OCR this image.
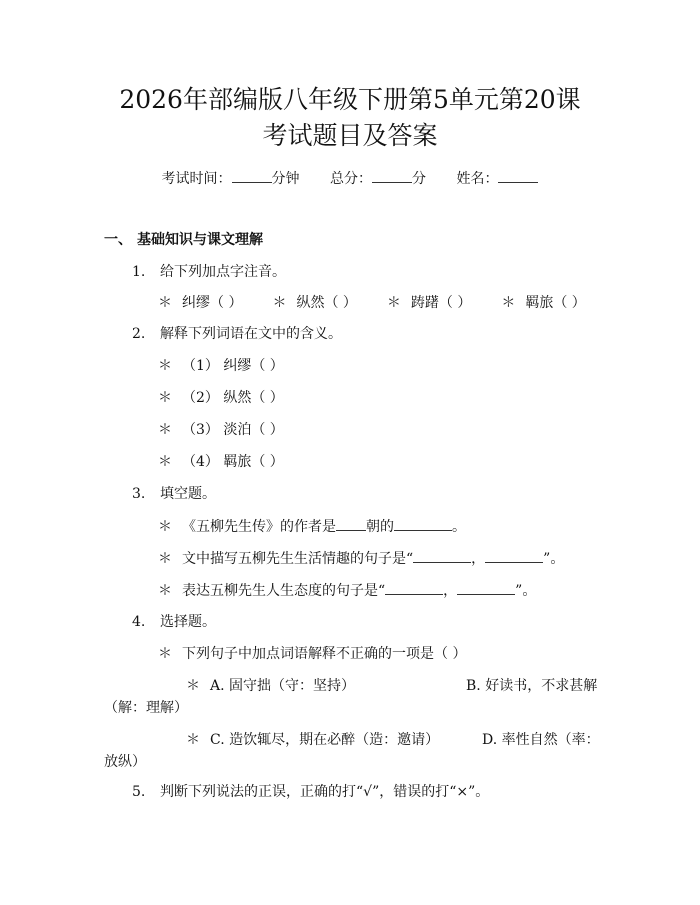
2026年部编版八年级下册第5单元第20课
考试题目及答案
考试时间：	分钟 总分：	分 姓名：
一、 基础知识与课文理解
1. 给下列加点字注音。
＊ 纠缪（ ） ＊ 纵然（ ） ＊ 踌躇（ ） ＊ 羁旅（ ）
2. 解释下列词语在文中的含义。
＊ （1） 纠缪（ ）
＊ （2） 纵然（ ）
＊ （3） 淡泊（ ）
＊ （4） 羁旅（ ）
3. 填空题。
＊ 《五柳先生传》的作者是 朝的	。
＊ 文中描写五柳先生生活情趣的句子是“	，	”。
＊ 表达五柳先生人生态度的句子是“	，	”。
4. 选择题。
＊ 下列句子中加点词语解释不正确的一项是（ ）
＊ A. 固守拙（守：坚持）	B. 好读书，不求甚解
（解：理解）
＊ C. 造饮辄尽，期在必醉（造：邀请）	D. 率性自然（率：
放纵）
5. 判断下列说法的正误，正确的打“√”，错误的打“×”。
